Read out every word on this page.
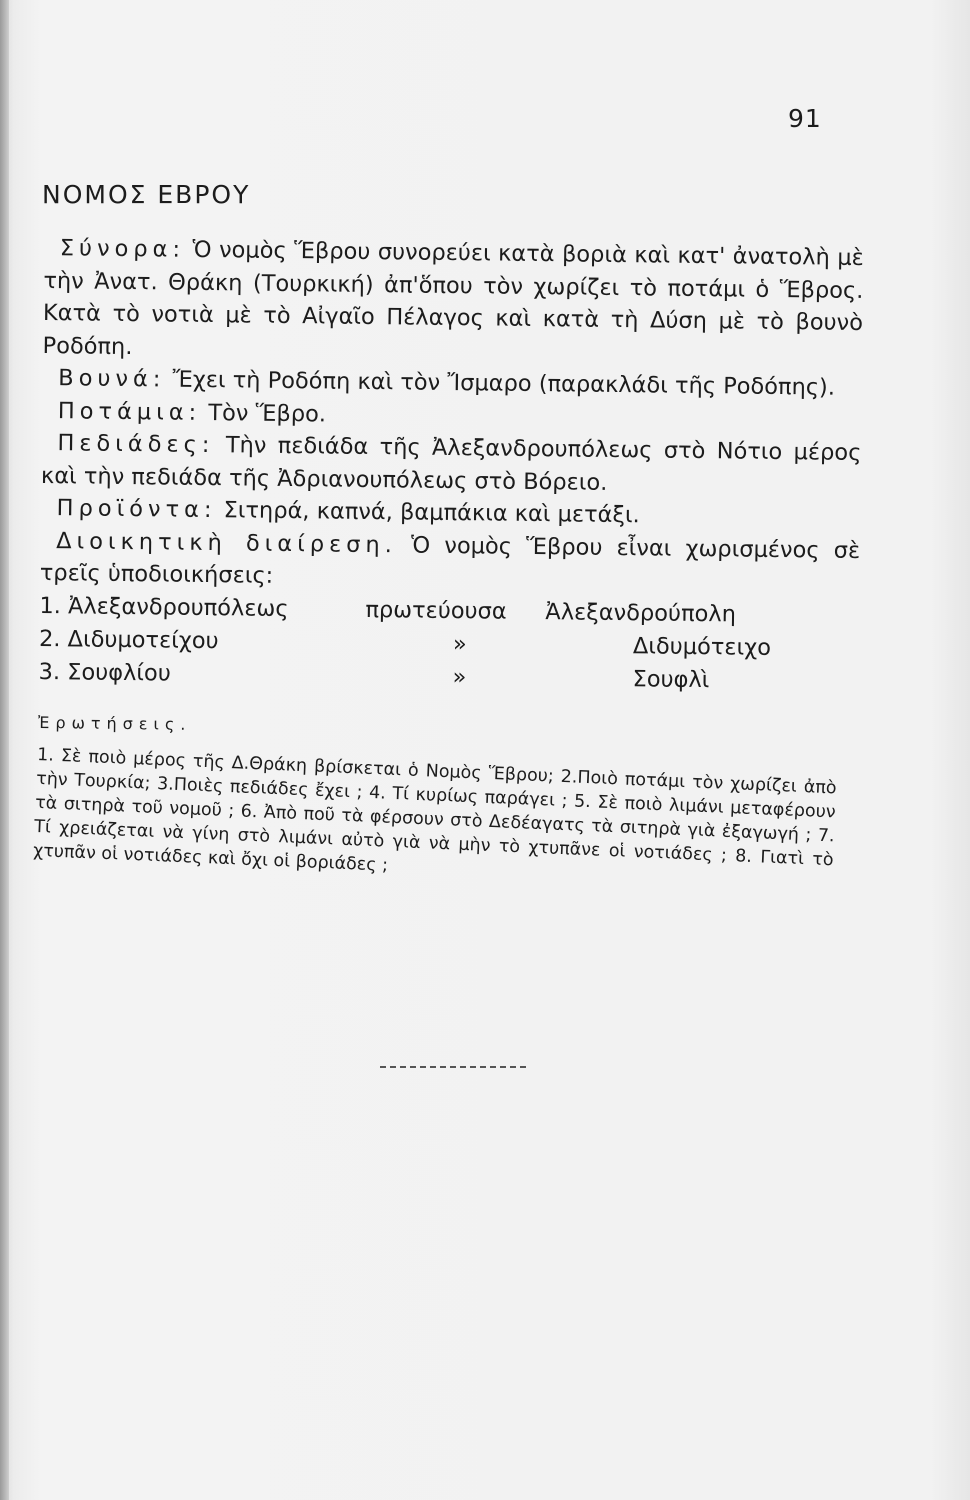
91
ΝΟΜΟΣ ΕΒΡΟΥ

Σύνορα: Ὁ νομὸς Ἕβρου συνορεύει κατὰ βοριὰ καὶ κατ' ἀνατολὴ μὲ τὴν Ἀνατ. Θράκη (Τουρκική) ἀπ'ὅπου τὸν χωρίζει τὸ ποτάμι ὁ Ἕβρος. Κατὰ τὸ νοτιὰ μὲ τὸ Αἰγαῖο Πέλαγος καὶ κατὰ τὴ Δύση μὲ τὸ βουνὸ Ροδόπη.

Βουνά: Ἔχει τὴ Ροδόπη καὶ τὸν Ἴσμαρο (παρακλάδι τῆς Ροδόπης).

Ποτάμια: Τὸν Ἕβρο.

Πεδιάδες: Τὴν πεδιάδα τῆς Ἀλεξανδρουπόλεως στὸ Νότιο μέρος καὶ τὴν πεδιάδα τῆς Ἀδριανουπόλεως στὸ Βόρειο.

Προϊόντα: Σιτηρά, καπνά, βαμπάκια καὶ μετάξι.

Διοικητικὴ διαίρεση. Ὁ νομὸς Ἕβρου εἶναι χωρισμένος σὲ τρεῖς ὑποδιοικήσεις:

1. Ἀλεξανδρουπόλεως	πρωτεύουσα	Ἀλεξανδρούπολη
2. Διδυμοτείχου	»	Διδυμότειχο
3. Σουφλίου	»	Σουφλὶ
Ἐρωτήσεις.

1. Σὲ ποιὸ μέρος τῆς Δ.Θράκη βρίσκεται ὁ Νομὸς Ἕβρου; 2.Ποιὸ ποτάμι τὸν χωρίζει ἀπὸ τὴν Τουρκία; 3.Ποιὲς πεδιάδες ἔχει ; 4. Τί κυρίως παράγει ; 5. Σὲ ποιὸ λιμάνι μεταφέρουν τὰ σιτηρὰ τοῦ νομοῦ ; 6. Ἀπὸ ποῦ τὰ φέρσουν στὸ Δεδέαγατς τὰ σιτηρὰ γιὰ ἐξαγωγή ; 7. Τί χρειάζεται νὰ γίνη στὸ λιμάνι αὐτὸ γιὰ νὰ μὴν τὸ χτυπᾶνε οἱ νοτιάδες ; 8. Γιατὶ τὸ χτυπᾶν οἱ νοτιάδες καὶ ὄχι οἱ βοριάδες ;
